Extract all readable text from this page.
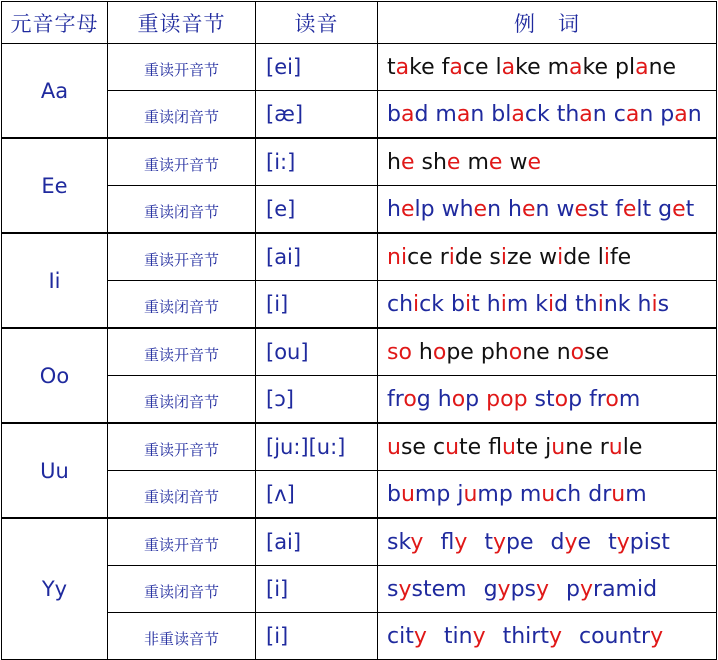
元音字母	重读音节	读音	例　词
Aa	重读开音节	[ei]	take face lake make plane
	重读闭音节	[æ]	bad man black than can pan
Ee	重读开音节	[i:]	he she me we
	重读闭音节	[e]	help when hen west felt get
Ii	重读开音节	[ai]	nice ride size wide life
	重读闭音节	[i]	chick bit him kid think his
Oo	重读开音节	[ou]	so hope phone nose
	重读闭音节	[ɔ]	frog hop pop stop from
Uu	重读开音节	[ju:][u:]	use cute flute june rule
	重读闭音节	[ʌ]	bump jump much drum
Yy	重读开音节	[ai]	sky fly type dye typist
	重读闭音节	[i]	system gypsy pyramid
	非重读音节	[i]	city tiny thirty country
